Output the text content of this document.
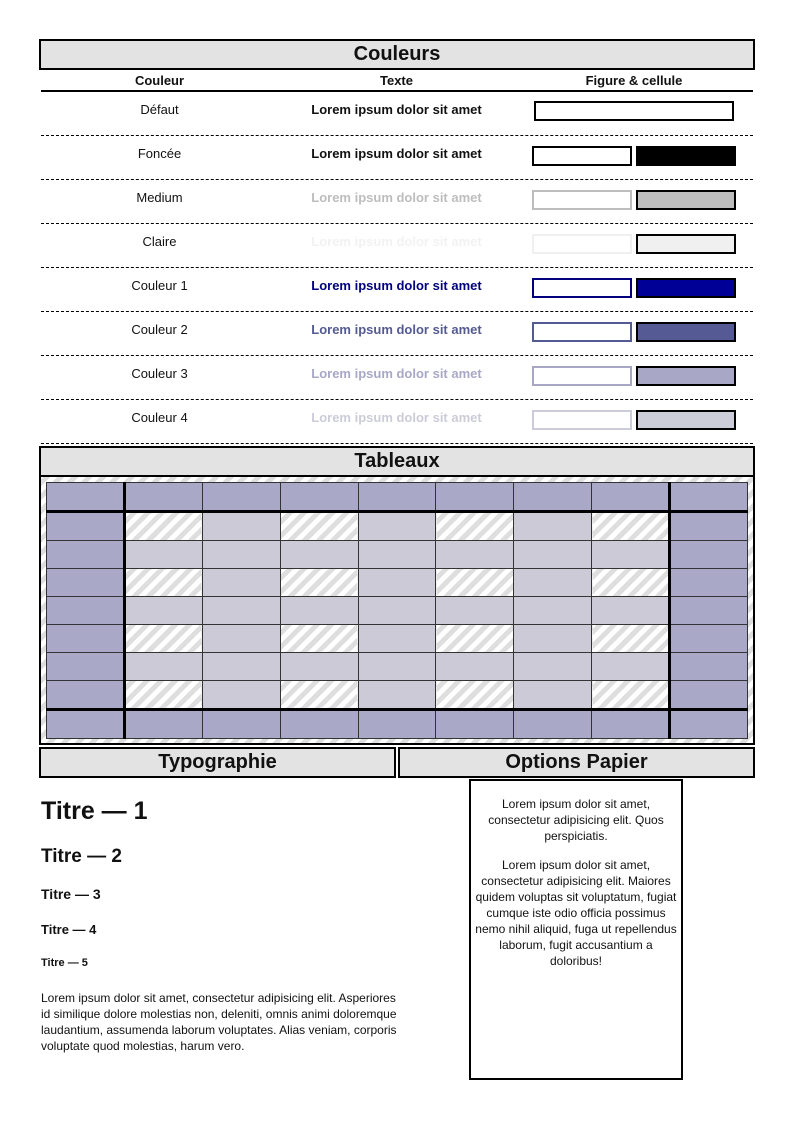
Couleurs
Couleur	Texte	Figure & cellule
Défaut	Lorem ipsum dolor sit amet
Foncée	Lorem ipsum dolor sit amet
Medium	Lorem ipsum dolor sit amet
Claire	Lorem ipsum dolor sit amet
Couleur 1	Lorem ipsum dolor sit amet
Couleur 2	Lorem ipsum dolor sit amet
Couleur 3	Lorem ipsum dolor sit amet
Couleur 4	Lorem ipsum dolor sit amet
Tableaux

Typographie	Options Papier
Titre — 1
Titre — 2
Titre — 3
Titre — 4
Titre — 5
Lorem ipsum dolor sit amet, consectetur adipisicing elit. Asperiores id similique dolore molestias non, deleniti, omnis animi doloremque laudantium, assumenda laborum voluptates. Alias veniam, corporis voluptate quod molestias, harum vero.

Lorem ipsum dolor sit amet, consectetur adipisicing elit. Quos perspiciatis.

Lorem ipsum dolor sit amet, consectetur adipisicing elit. Maiores quidem voluptas sit voluptatum, fugiat cumque iste odio officia possimus nemo nihil aliquid, fuga ut repellendus laborum, fugit accusantium a doloribus!
